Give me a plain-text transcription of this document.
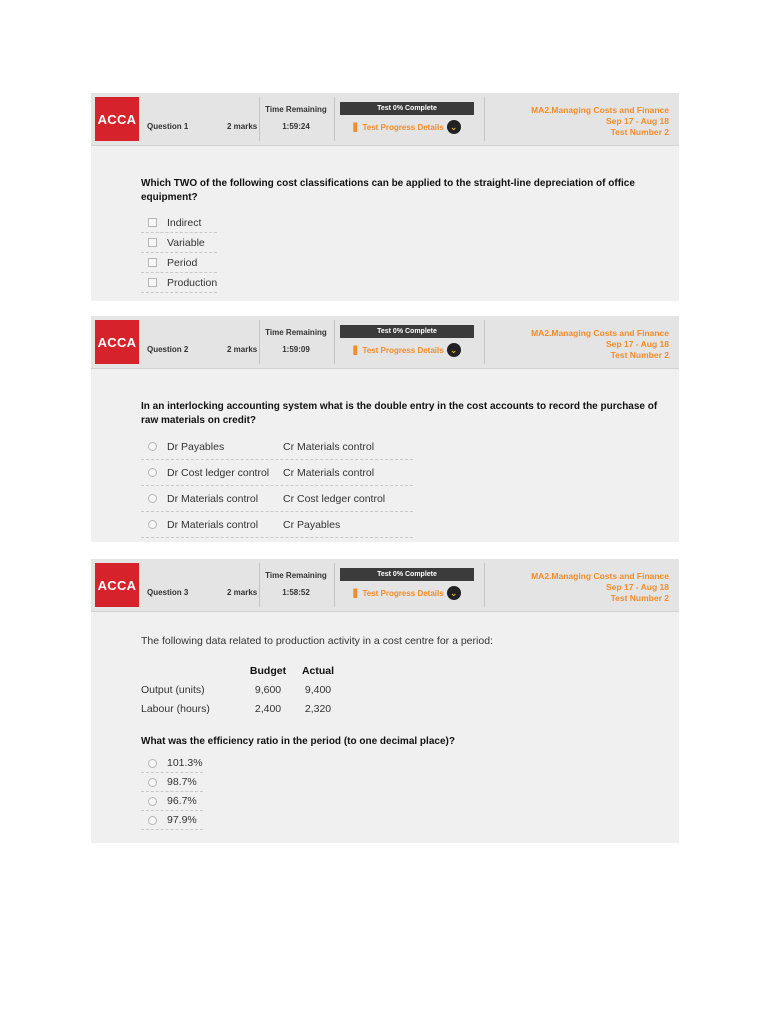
ACCA	Question 1	2 marks
Time Remaining
1:59:24
Test 0% Complete
▋ Test Progress Details ⌄
MA2.Managing Costs and Finance
Sep 17 - Aug 18
Test Number 2
Which TWO of the following cost classifications can be applied to the straight-line depreciation of office equipment?
Indirect
Variable
Period
Production
ACCA	Question 2	2 marks
Time Remaining
1:59:09
Test 0% Complete
▋ Test Progress Details ⌄
MA2.Managing Costs and Finance
Sep 17 - Aug 18
Test Number 2
In an interlocking accounting system what is the double entry in the cost accounts to record the purchase of raw materials on credit?
Dr Payables	Cr Materials control
Dr Cost ledger control	Cr Materials control
Dr Materials control	Cr Cost ledger control
Dr Materials control	Cr Payables
ACCA	Question 3	2 marks
Time Remaining
1:58:52
Test 0% Complete
▋ Test Progress Details ⌄
MA2.Managing Costs and Finance
Sep 17 - Aug 18
Test Number 2
The following data related to production activity in a cost centre for a period:
	Budget	Actual
Output (units)	9,600	9,400
Labour (hours)	2,400	2,320
What was the efficiency ratio in the period (to one decimal place)?
101.3%
98.7%
96.7%
97.9%
